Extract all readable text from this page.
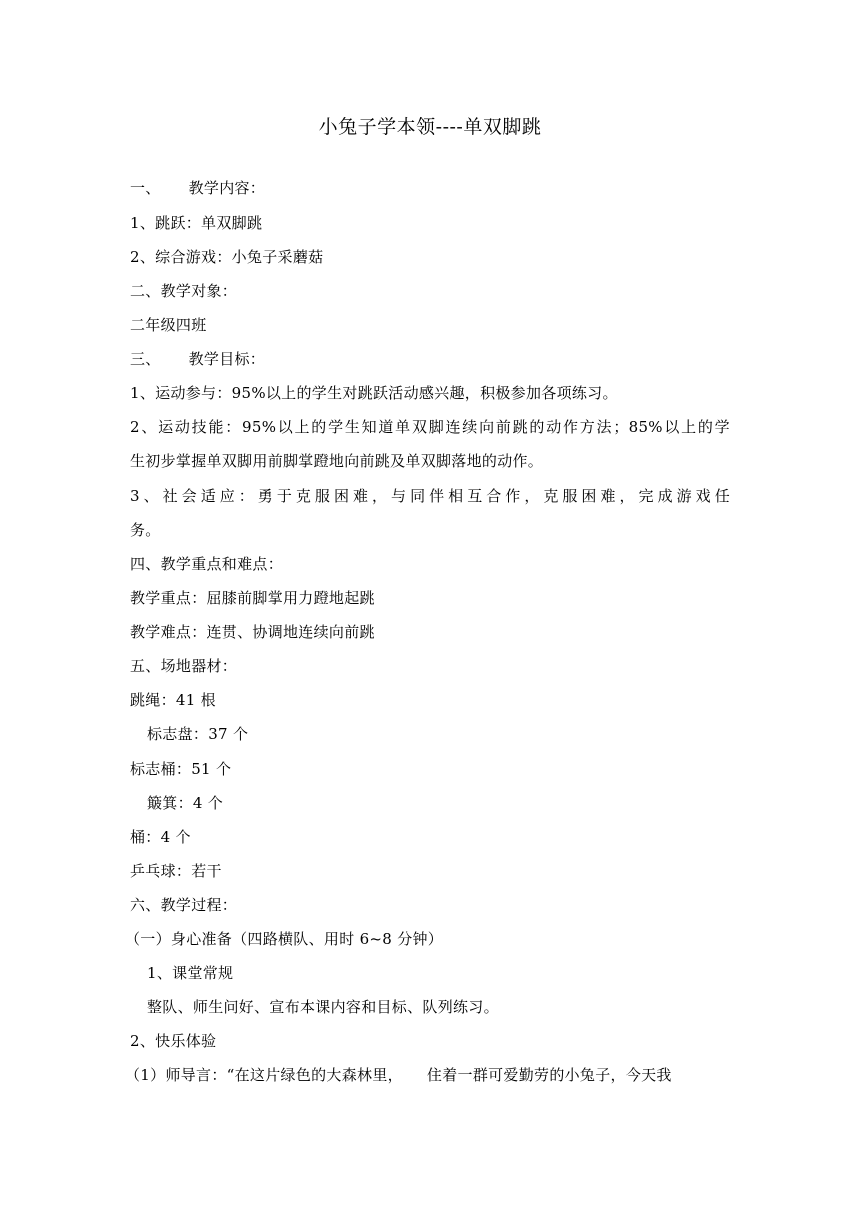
小兔子学本领----单双脚跳
一、 教学内容：
1、跳跃：单双脚跳
2、综合游戏：小兔子采蘑菇
二、教学对象：
二年级四班
三、 教学目标：
1、运动参与：95%以上的学生对跳跃活动感兴趣，积极参加各项练习。
2、运动技能：95%以上的学生知道单双脚连续向前跳的动作方法；85%以上的学
生初步掌握单双脚用前脚掌蹬地向前跳及单双脚落地的动作。
3、社会适应：勇于克服困难，与同伴相互合作，克服困难，完成游戏任
务。
四、教学重点和难点：
教学重点：屈膝前脚掌用力蹬地起跳
教学难点：连贯、协调地连续向前跳
五、场地器材：
跳绳：41 根
标志盘：37 个
标志桶：51 个
簸箕：4 个
桶：4 个
乒乓球：若干
六、教学过程：
（一）身心准备（四路横队、用时 6~8 分钟）
1、课堂常规
整队、师生问好、宣布本课内容和目标、队列练习。
2、快乐体验
（1）师导言：“在这片绿色的大森林里， 住着一群可爱勤劳的小兔子，今天我
